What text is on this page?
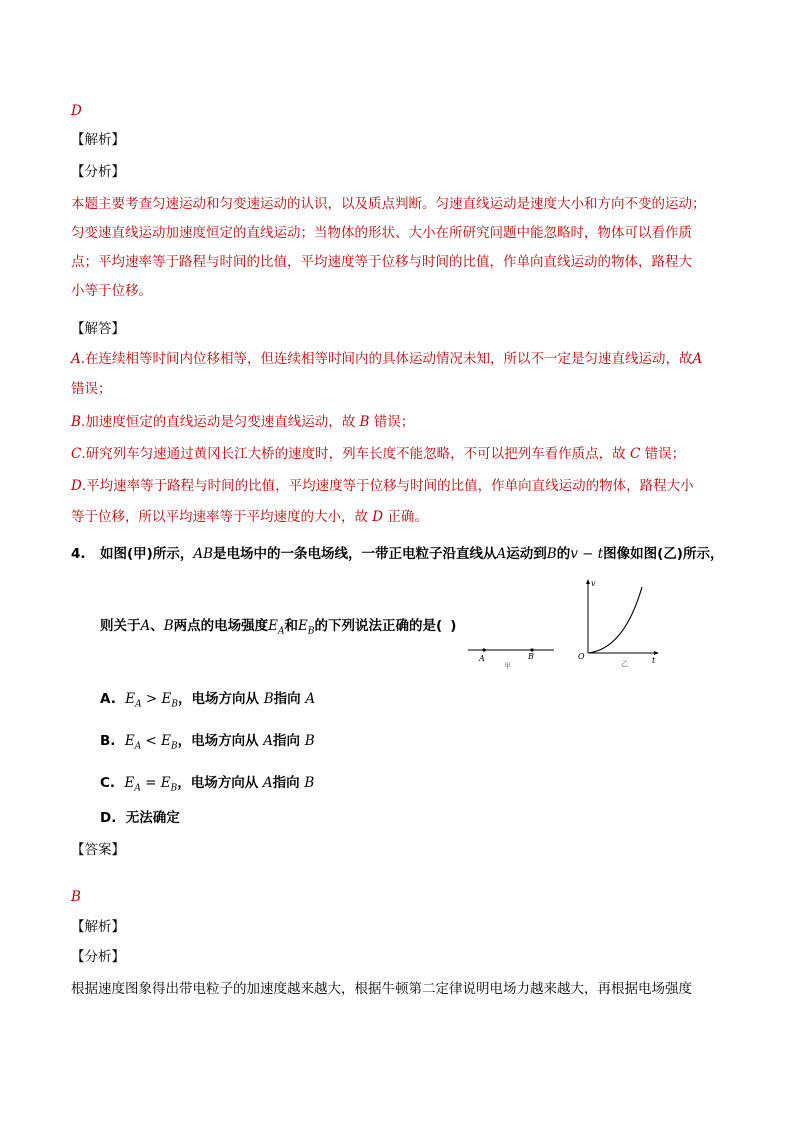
D
【解析】
【分析】
本题主要考查匀速运动和匀变速运动的认识，以及质点判断。匀速直线运动是速度大小和方向不变的运动；
匀变速直线运动加速度恒定的直线运动；当物体的形状、大小在所研究问题中能忽略时，物体可以看作质
点；平均速率等于路程与时间的比值，平均速度等于位移与时间的比值，作单向直线运动的物体，路程大
小等于位移。
【解答】
A.在连续相等时间内位移相等，但连续相等时间内的具体运动情况未知，所以不一定是匀速直线运动，故A
错误；
B.加速度恒定的直线运动是匀变速直线运动，故 B 错误；
C.研究列车匀速通过黄冈长江大桥的速度时，列车长度不能忽略，不可以把列车看作质点，故 C 错误；
D.平均速率等于路程与时间的比值，平均速度等于位移与时间的比值，作单向直线运动的物体，路程大小
等于位移，所以平均速率等于平均速度的大小，故 D 正确。
4. 如图(甲)所示，AB是电场中的一条电场线，一带正电粒子沿直线从A运动到B的v − t图像如图(乙)所示，
则关于A、B两点的电场强度$E_A$和$E_B$的下列说法正确的是( )
A	B
甲
v
t
O
乙
A. $E_A > E_B$，电场方向从 B指向 A
B. $E_A < E_B$，电场方向从 A指向 B
C. $E_A = E_B$，电场方向从 A指向 B
D. 无法确定
【答案】
B
【解析】
【分析】
根据速度图象得出带电粒子的加速度越来越大，根据牛顿第二定律说明电场力越来越大，再根据电场强度
